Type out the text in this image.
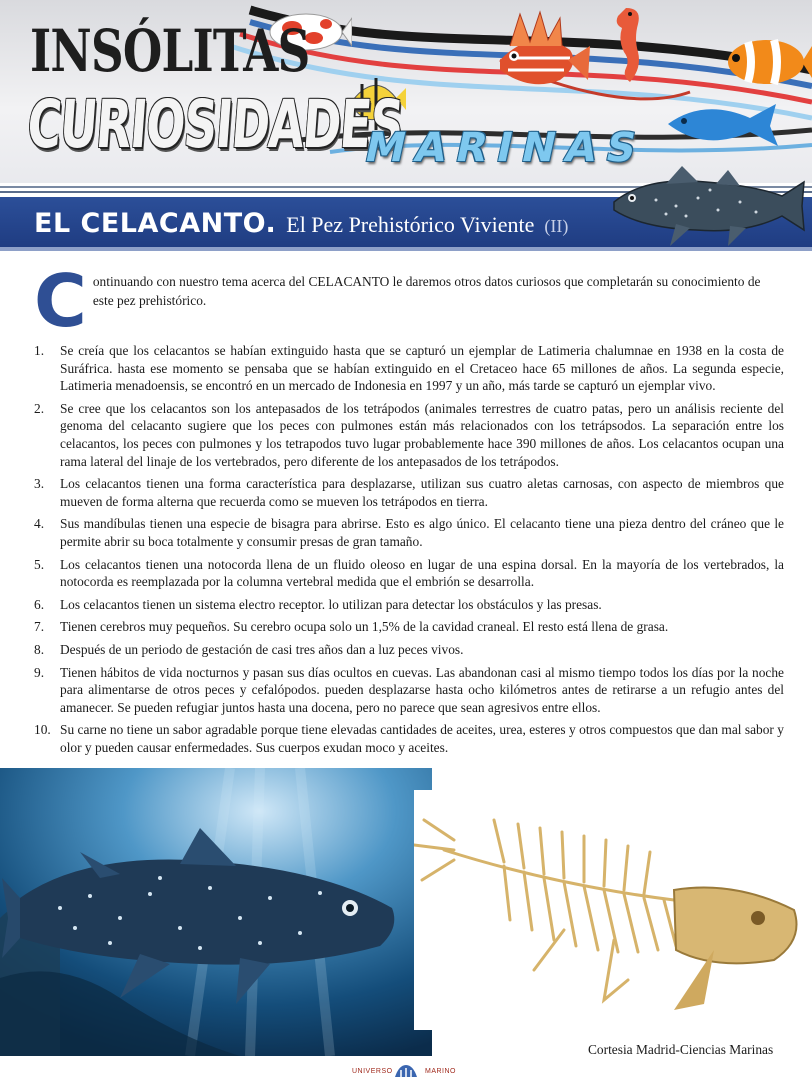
INSÓLITAS
CURIOSIDADES
MARINAS
EL CELACANTO. El Pez Prehistórico Viviente (II)
C ontinuando con nuestro tema acerca del CELACANTO le daremos otros datos curiosos que completarán su conocimiento de este pez prehistórico.
1.	Se creía que los celacantos se habían extinguido hasta que se capturó un ejemplar de Latimeria chalumnae en 1938 en la costa de Suráfrica. hasta ese momento se pensaba que se habían extinguido en el Cretaceo hace 65 millones de años. La segunda especie, Latimeria menadoensis, se encontró en un mercado de Indonesia en 1997 y un año, más tarde se capturó un ejemplar vivo.
2.	Se cree que los celacantos son los antepasados de los tetrápodos (animales terrestres de cuatro patas, pero un análisis reciente del genoma del celacanto sugiere que los peces con pulmones están más relacionados con los tetrápsodos. La separación entre los celacantos, los peces con pulmones y los tetrapodos tuvo lugar probablemente hace 390 millones de años. Los celacantos ocupan una rama lateral del linaje de los vertebrados, pero diferente de los antepasados de los tetrápodos.
3.	Los celacantos tienen una forma característica para desplazarse, utilizan sus cuatro aletas carnosas, con aspecto de miembros que mueven de forma alterna que recuerda como se mueven los tetrápodos en tierra.
4.	Sus mandíbulas tienen una especie de bisagra para abrirse. Esto es algo único. El celacanto tiene una pieza dentro del cráneo que le permite abrir su boca totalmente y consumir presas de gran tamaño.
5.	Los celacantos tienen una notocorda llena de un fluido oleoso en lugar de una espina dorsal. En la mayoría de los vertebrados, la notocorda es reemplazada por la columna vertebral medida que el embrión se desarrolla.
6.	Los celacantos tienen un sistema electro receptor. lo utilizan para detectar los obstáculos y las presas.
7.	Tienen cerebros muy pequeños. Su cerebro ocupa solo un 1,5% de la cavidad craneal. El resto está llena de grasa.
8.	Después de un periodo de gestación de casi tres años dan a luz peces vivos.
9.	Tienen hábitos de vida nocturnos y pasan sus días ocultos en cuevas. Las abandonan casi al mismo tiempo todos los días por la noche para alimentarse de otros peces y cefalópodos. pueden desplazarse hasta ocho kilómetros antes de retirarse a un refugio antes del amanecer. Se pueden refugiar juntos hasta una docena, pero no parece que sean agresivos entre ellos.
10. Su carne no tiene un sabor agradable porque tiene elevadas cantidades de aceites, urea, esteres y otros compuestos que dan mal sabor y olor y pueden causar enfermedades. Sus cuerpos exudan moco y aceites.
Cortesia Madrid-Ciencias Marinas
UNIVERSO	MARINO
